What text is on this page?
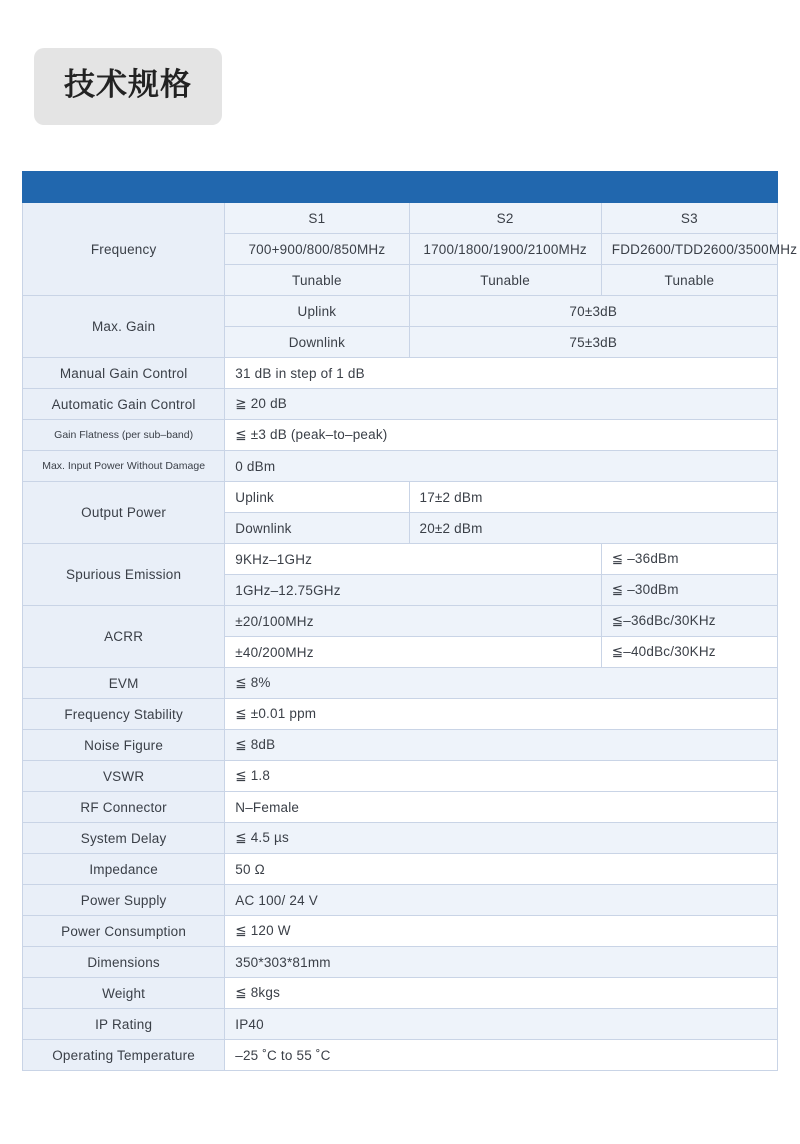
技术规格

Frequency	S1	S2	S3
	700+900/800/850MHz	1700/1800/1900/2100MHz	FDD2600/TDD2600/3500MHz
	Tunable	Tunable	Tunable
Max. Gain	Uplink	70±3dB	
	Downlink	75±3dB	
Manual Gain Control	31 dB in step of 1 dB		
Automatic Gain Control	≧ 20 dB		
Gain Flatness (per sub–band)	≦ ±3 dB (peak–to–peak)		
Max. Input Power Without Damage	0 dBm		
Output Power	Uplink	17±2 dBm	
	Downlink	20±2 dBm	
Spurious Emission	9KHz–1GHz		≦ –36dBm
	1GHz–12.75GHz		≦ –30dBm
ACRR	±20/100MHz		≦–36dBc/30KHz
	±40/200MHz		≦–40dBc/30KHz
EVM	≦ 8%		
Frequency Stability	≦ ±0.01 ppm		
Noise Figure	≦ 8dB		
VSWR	≦ 1.8		
RF Connector	N–Female		
System Delay	≦ 4.5 µs		
Impedance	50 Ω		
Power Supply	AC 100/ 24 V		
Power Consumption	≦ 120 W		
Dimensions	350*303*81mm		
Weight	≦ 8kgs		
IP Rating	IP40		
Operating Temperature	–25 ˚C to 55 ˚C		
